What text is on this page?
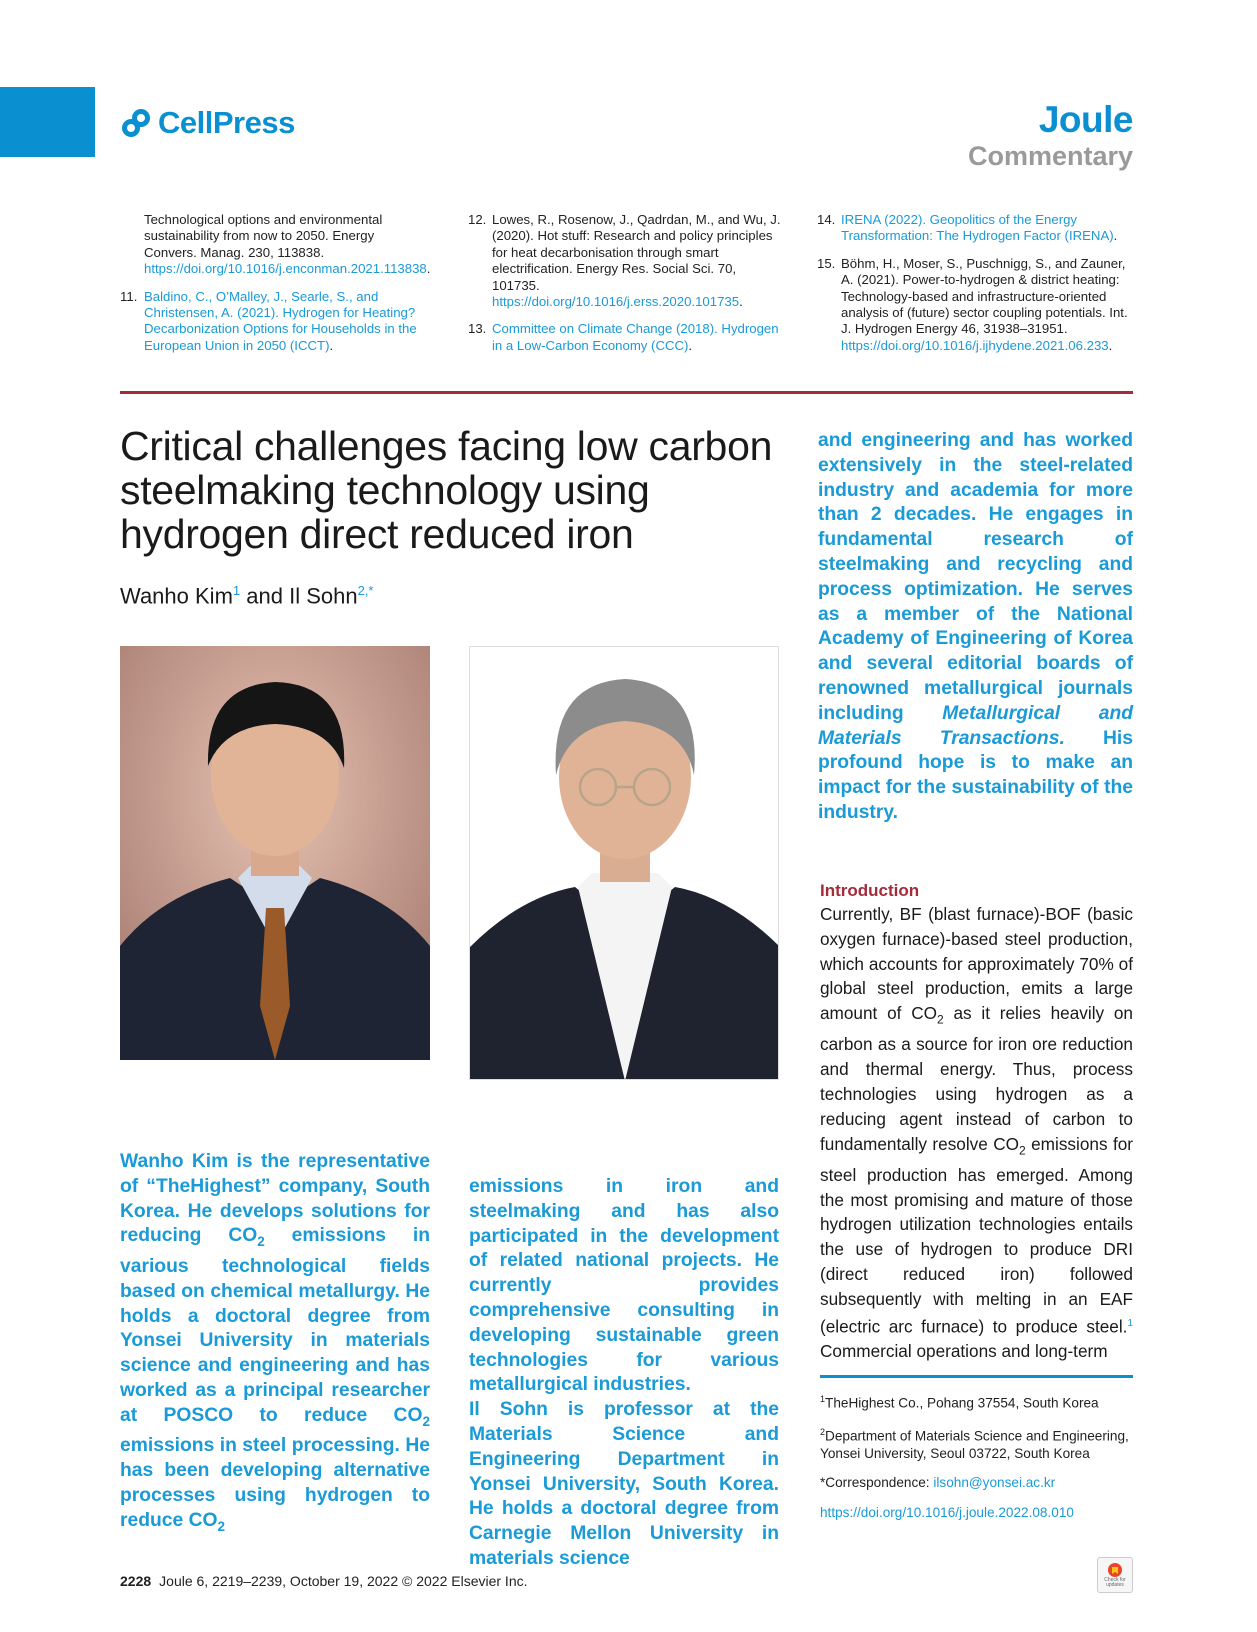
CellPress	Joule
Commentary
Technological options and environmental sustainability from now to 2050. Energy Convers. Manag. 230, 113838. https://doi.org/10.1016/j.enconman.2021.113838.
11. Baldino, C., O’Malley, J., Searle, S., and Christensen, A. (2021). Hydrogen for Heating? Decarbonization Options for Households in the European Union in 2050 (ICCT).
12. Lowes, R., Rosenow, J., Qadrdan, M., and Wu, J. (2020). Hot stuff: Research and policy principles for heat decarbonisation through smart electrification. Energy Res. Social Sci. 70, 101735. https://doi.org/10.1016/j.erss.2020.101735.
13. Committee on Climate Change (2018). Hydrogen in a Low-Carbon Economy (CCC).
14. IRENA (2022). Geopolitics of the Energy Transformation: The Hydrogen Factor (IRENA).
15. Böhm, H., Moser, S., Puschnigg, S., and Zauner, A. (2021). Power-to-hydrogen & district heating: Technology-based and infrastructure-oriented analysis of (future) sector coupling potentials. Int. J. Hydrogen Energy 46, 31938–31951. https://doi.org/10.1016/j.ijhydene.2021.06.233.
Critical challenges facing low carbon steelmaking technology using hydrogen direct reduced iron
Wanho Kim$^1$ and Il Sohn$^{2,*}$

Wanho Kim is the representative of “TheHighest” company, South Korea. He develops solutions for reducing $CO_2$ emissions in various technological fields based on chemical metallurgy. He holds a doctoral degree from Yonsei University in materials science and engineering and has worked as a principal researcher at POSCO to reduce $CO_2$ emissions in steel processing. He has been developing alternative processes using hydrogen to reduce $CO_2$

emissions in iron and steelmaking and has also participated in the development of related national projects. He currently provides comprehensive consulting in developing sustainable green technologies for various metallurgical industries.

Il Sohn is professor at the Materials Science and Engineering Department in Yonsei University, South Korea. He holds a doctoral degree from Carnegie Mellon University in materials science

and engineering and has worked extensively in the steel-related industry and academia for more than 2 decades. He engages in fundamental research of steelmaking and recycling and process optimization. He serves as a member of the National Academy of Engineering of Korea and several editorial boards of renowned metallurgical journals including Metallurgical and Materials Transactions. His profound hope is to make an impact for the sustainability of the industry.

Introduction
Currently, BF (blast furnace)-BOF (basic oxygen furnace)-based steel production, which accounts for approximately 70% of global steel production, emits a large amount of $CO_2$ as it relies heavily on carbon as a source for iron ore reduction and thermal energy. Thus, process technologies using hydrogen as a reducing agent instead of carbon to fundamentally resolve $CO_2$ emissions for steel production has emerged. Among the most promising and mature of those hydrogen utilization technologies entails the use of hydrogen to produce DRI (direct reduced iron) followed subsequently with melting in an EAF (electric arc furnace) to produce steel.$^1$ Commercial operations and long-term

$^1$TheHighest Co., Pohang 37554, South Korea

$^2$Department of Materials Science and Engineering, Yonsei University, Seoul 03722, South Korea

*Correspondence: ilsohn@yonsei.ac.kr

https://doi.org/10.1016/j.joule.2022.08.010

2228 Joule 6, 2219–2239, October 19, 2022 © 2022 Elsevier Inc.	Check for updates
